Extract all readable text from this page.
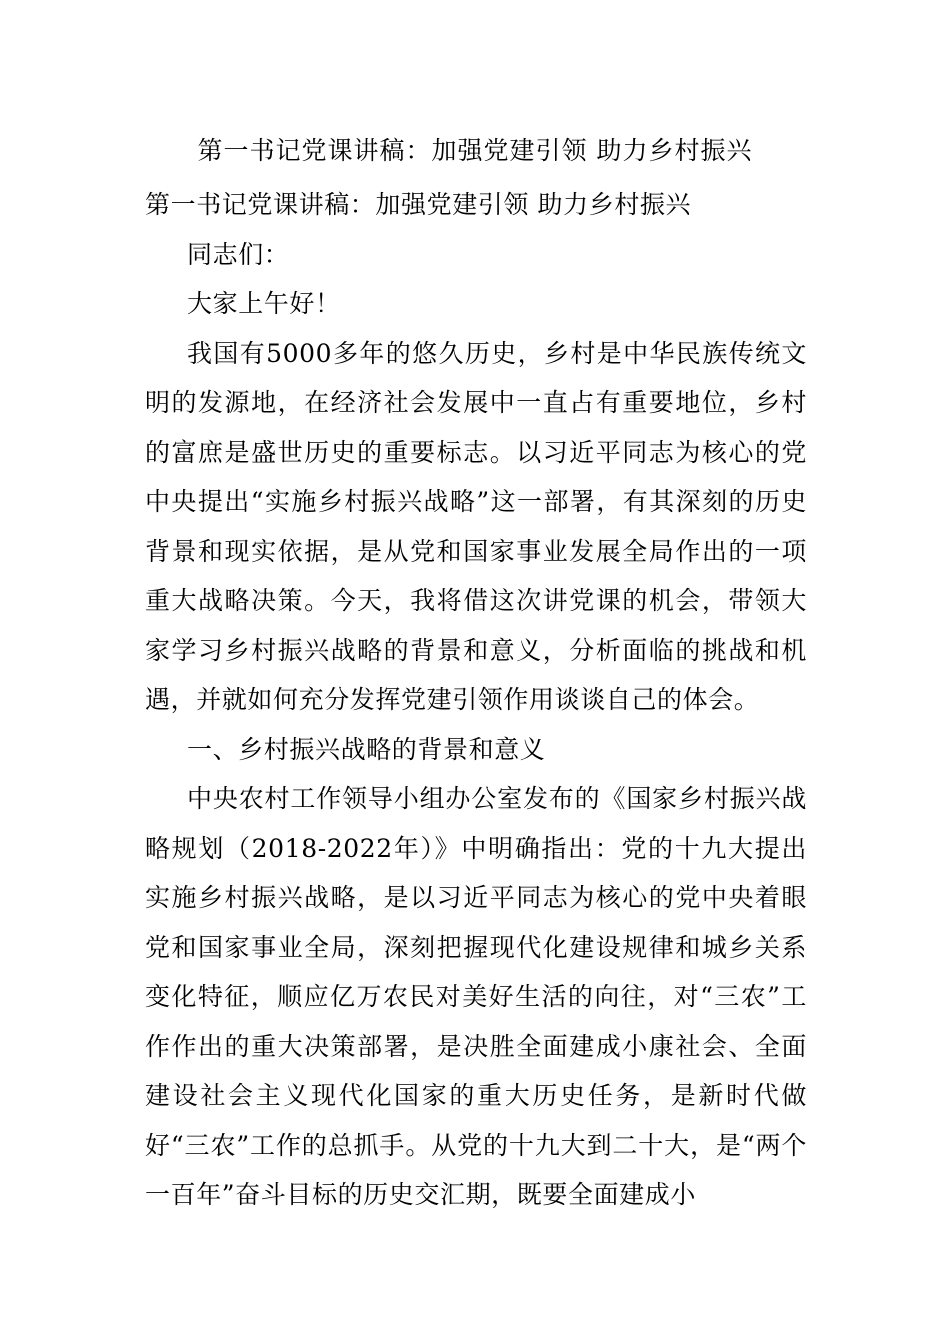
第一书记党课讲稿：加强党建引领 助力乡村振兴

第一书记党课讲稿：加强党建引领 助力乡村振兴

同志们：

大家上午好！

我国有5000多年的悠久历史，乡村是中华民族传统文明的发源地，在经济社会发展中一直占有重要地位，乡村的富庶是盛世历史的重要标志。以习近平同志为核心的党中央提出“实施乡村振兴战略”这一部署，有其深刻的历史背景和现实依据，是从党和国家事业发展全局作出的一项重大战略决策。今天，我将借这次讲党课的机会，带领大家学习乡村振兴战略的背景和意义，分析面临的挑战和机遇，并就如何充分发挥党建引领作用谈谈自己的体会。

一、乡村振兴战略的背景和意义

中央农村工作领导小组办公室发布的《国家乡村振兴战略规划（2018-2022年）》中明确指出：党的十九大提出实施乡村振兴战略，是以习近平同志为核心的党中央着眼党和国家事业全局，深刻把握现代化建设规律和城乡关系变化特征，顺应亿万农民对美好生活的向往，对“三农”工作作出的重大决策部署，是决胜全面建成小康社会、全面建设社会主义现代化国家的重大历史任务，是新时代做好“三农”工作的总抓手。从党的十九大到二十大，是“两个一百年”奋斗目标的历史交汇期，既要全面建成小
